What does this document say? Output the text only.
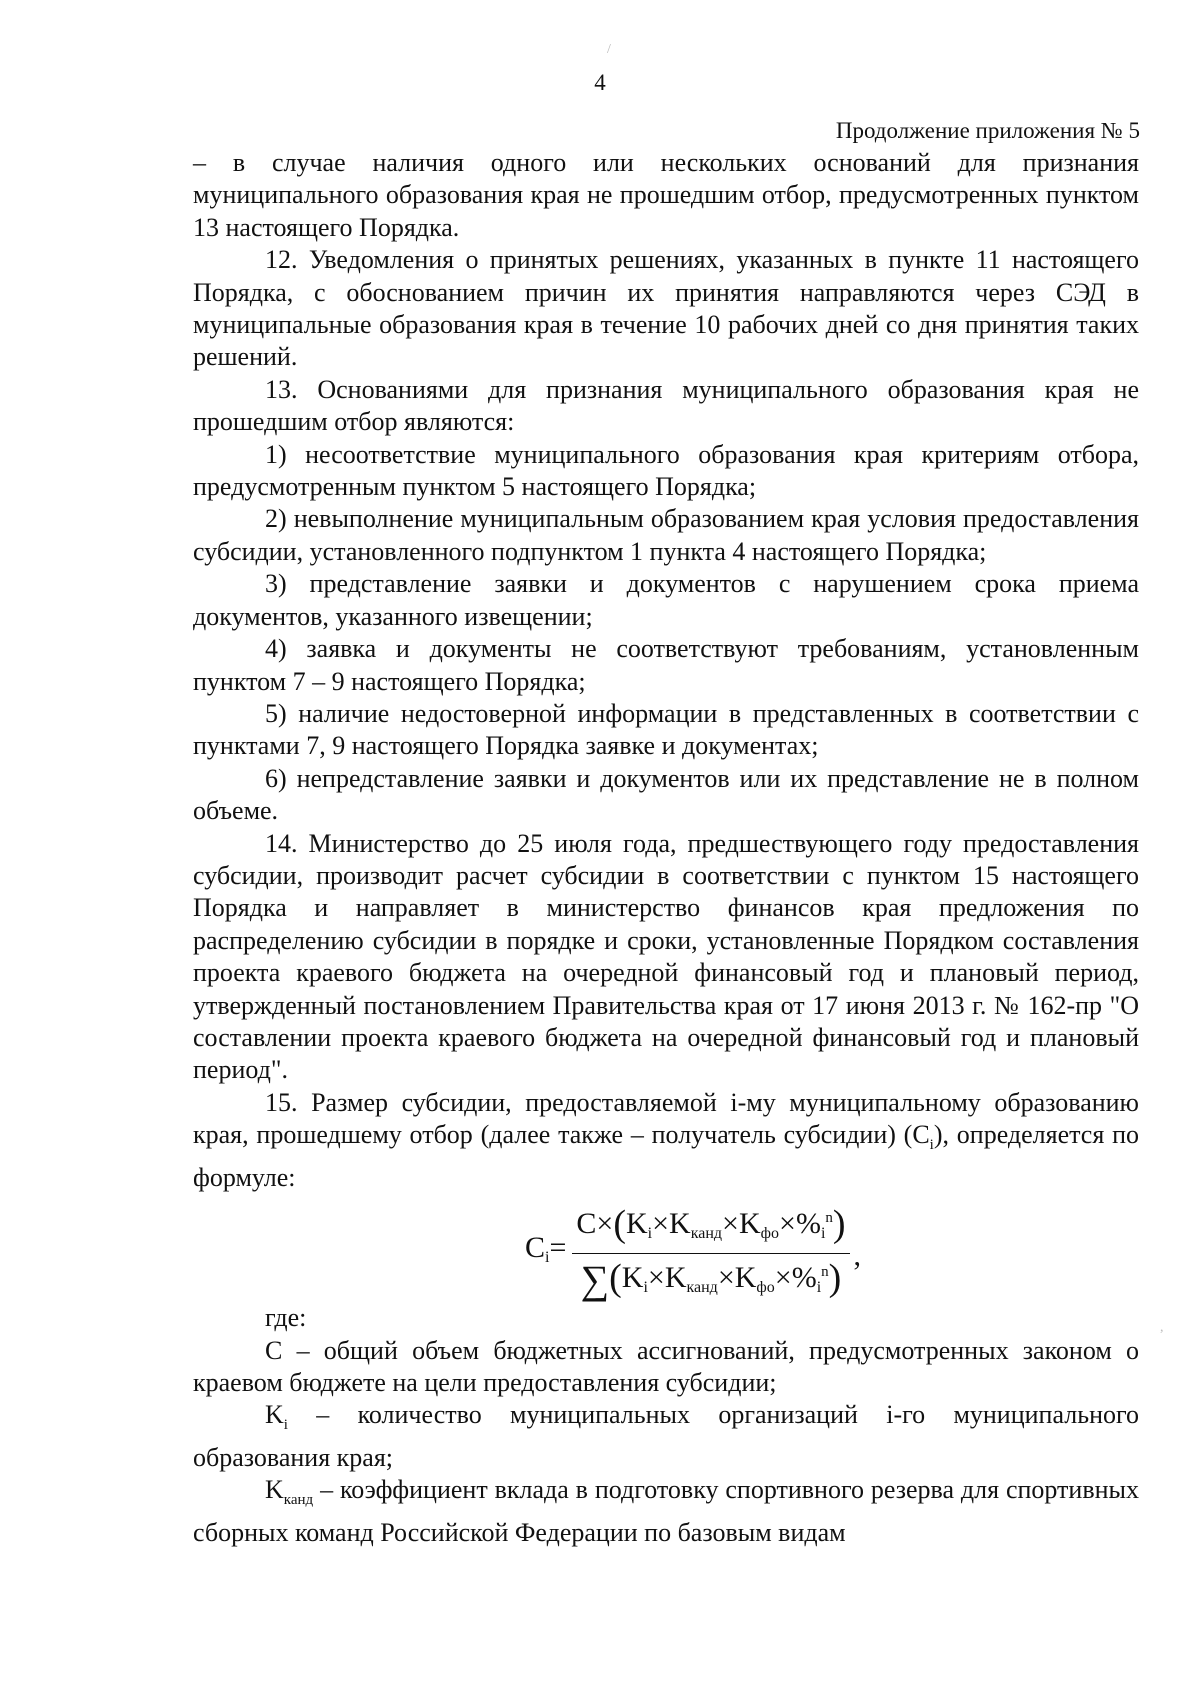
/
,
4
Продолжение приложения № 5

– в случае наличия одного или нескольких оснований для признания муниципального образования края не прошедшим отбор, предусмотренных пунктом 13 настоящего Порядка.

12. Уведомления о принятых решениях, указанных в пункте 11 настоящего Порядка, с обоснованием причин их принятия направляются через СЭД в муниципальные образования края в течение 10 рабочих дней со дня принятия таких решений.

13. Основаниями для признания муниципального образования края не прошедшим отбор являются:

1) несоответствие муниципального образования края критериям отбора, предусмотренным пунктом 5 настоящего Порядка;

2) невыполнение муниципальным образованием края условия предоставления субсидии, установленного подпунктом 1 пункта 4 настоящего Порядка;

3) представление заявки и документов с нарушением срока приема документов, указанного извещении;

4) заявка и документы не соответствуют требованиям, установленным пунктом 7 – 9 настоящего Порядка;

5) наличие недостоверной информации в представленных в соответствии с пунктами 7, 9 настоящего Порядка заявке и документах;

6) непредставление заявки и документов или их представление не в полном объеме.

14. Министерство до 25 июля года, предшествующего году предоставления субсидии, производит расчет субсидии в соответствии с пунктом 15 настоящего Порядка и направляет в министерство финансов края предложения по распределению субсидии в порядке и сроки, установленные Порядком составления проекта краевого бюджета на очередной финансовый год и плановый период, утвержденный постановлением Правительства края от 17 июня 2013 г. № 162-пр "О составлении проекта краевого бюджета на очередной финансовый год и плановый период".

15. Размер субсидии, предоставляемой i-му муниципальному образованию края, прошедшему отбор (далее также – получатель субсидии) $(C_i)$, определяется по формуле:

$C_i= \frac{C\times(K_i\times K_{канд}\times K_{фо}\times\%_i^n)}{\sum(K_i\times K_{канд}\times K_{фо}\times\%_i^n)}$ ,

где:

С – общий объем бюджетных ассигнований, предусмотренных законом о краевом бюджете на цели предоставления субсидии;

$K_i$ – количество муниципальных организаций i-го муниципального образования края;

$K_{канд}$ – коэффициент вклада в подготовку спортивного резерва для спортивных сборных команд Российской Федерации по базовым видам
